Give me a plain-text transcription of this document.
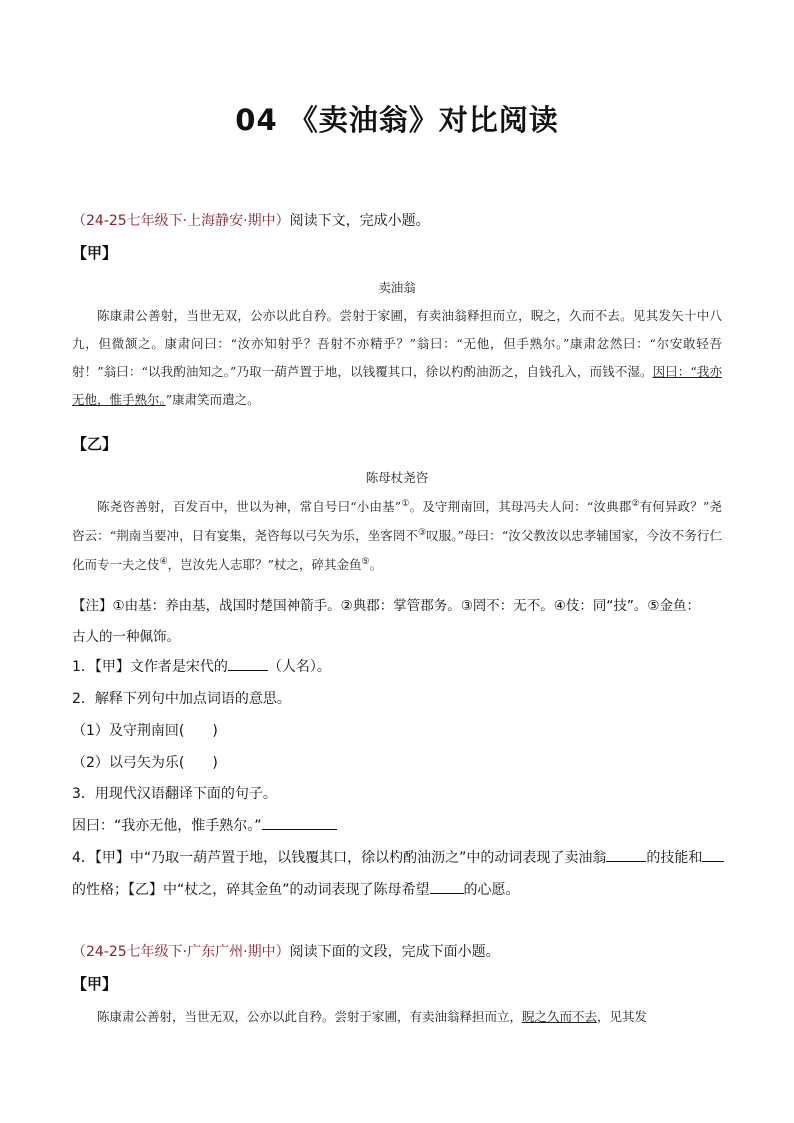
04 《卖油翁》对比阅读
（24-25七年级下·上海静安·期中）阅读下文，完成小题。
【甲】
卖油翁

陈康肃公善射，当世无双，公亦以此自矜。尝射于家圃，有卖油翁释担而立，睨之，久而不去。见其发矢十中八九，但微颔之。康肃问曰：“汝亦知射乎？吾射不亦精乎？”翁曰：“无他，但手熟尔。”康肃忿然曰：“尔安敢轻吾射！”翁曰：“以我酌油知之。”乃取一葫芦置于地，以钱覆其口，徐以杓酌油沥之，自钱孔入，而钱不湿。因曰：“我亦无他，惟手熟尔。”康肃笑而遣之。

【乙】
陈母杖尧咨

陈尧咨善射，百发百中，世以为神，常自号曰“小由基”①。及守荆南回，其母冯夫人问：“汝典郡②有何异政？”尧咨云：“荆南当要冲，日有宴集，尧咨每以弓矢为乐，坐客罔不③叹服。”母曰：“汝父教汝以忠孝辅国家，今汝不务行仁化而专一夫之伎④，岂汝先人志耶？”杖之，碎其金鱼⑤。

【注】①由基：养由基，战国时楚国神箭手。②典郡：掌管郡务。③罔不：无不。④伎：同“技”。⑤金鱼：
古人的一种佩饰。
1．【甲】文作者是宋代的	（人名）。
2．解释下列句中加点词语的意思。
（1）及守荆南回(　　)
（2）以弓矢为乐(　　)
3．用现代汉语翻译下面的句子。
因曰：“我亦无他，惟手熟尔。”
4．【甲】中“乃取一葫芦置于地，以钱覆其口，徐以杓酌油沥之”中的动词表现了卖油翁	的技能和
的性格；【乙】中“杖之，碎其金鱼”的动词表现了陈母希望 的心愿。
（24-25七年级下·广东广州·期中）阅读下面的文段，完成下面小题。
【甲】

陈康肃公善射，当世无双，公亦以此自矜。尝射于家圃，有卖油翁释担而立，睨之久而不去，见其发
